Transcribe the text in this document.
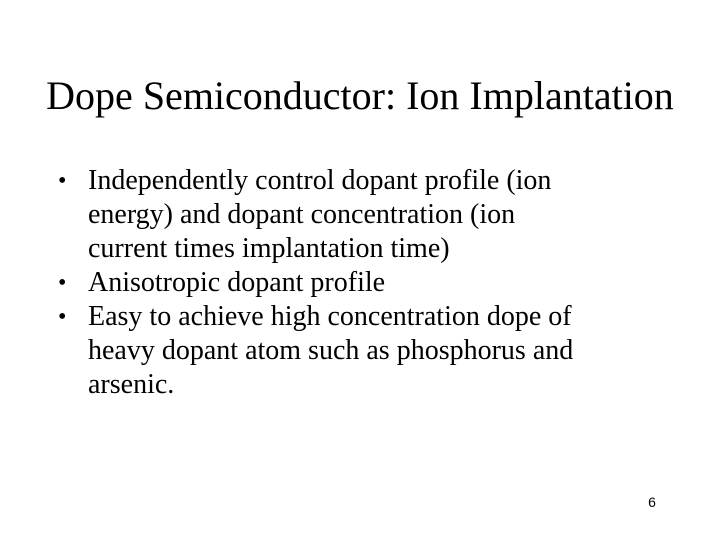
Dope Semiconductor: Ion Implantation
• Independently control dopant profile (ion
energy) and dopant concentration (ion
current times implantation time)
• Anisotropic dopant profile
• Easy to achieve high concentration dope of
heavy dopant atom such as phosphorus and
arsenic.
6
